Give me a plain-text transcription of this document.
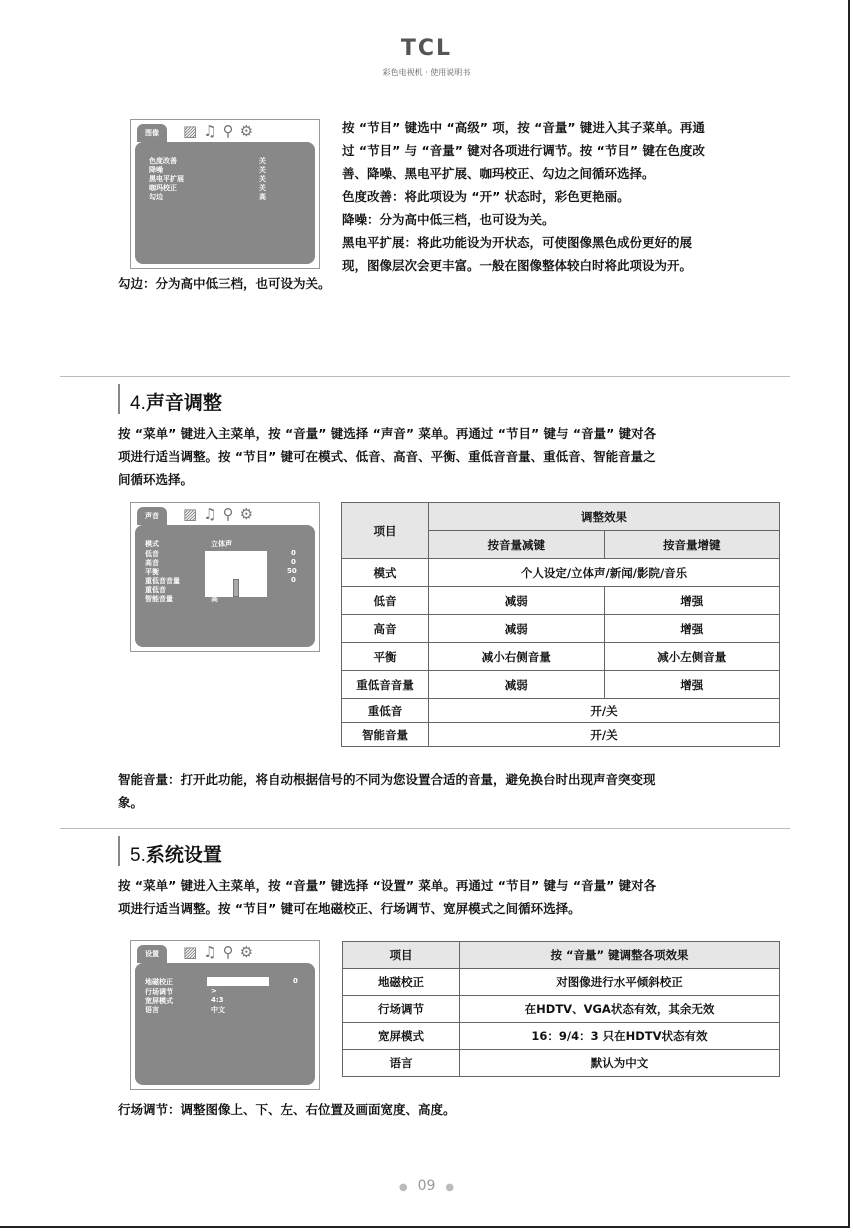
TCL
彩色电视机 · 使用说明书
图像	▨ ♫ ⚲ ⚙
色度改善	关
降噪	关
黑电平扩展	关
咖玛校正	关
勾边	高
按 “节目” 键选中 “高级” 项，按 “音量” 键进入其子菜单。再通
过 “节目” 与 “音量” 键对各项进行调节。按 “节目” 键在色度改
善、降噪、黑电平扩展、咖玛校正、勾边之间循环选择。
色度改善：将此项设为 “开” 状态时，彩色更艳丽。
降噪：分为高中低三档，也可设为关。
黑电平扩展：将此功能设为开状态，可使图像黑色成份更好的展
现，图像层次会更丰富。一般在图像整体较白时将此项设为开。
勾边：分为高中低三档，也可设为关。
4.声音调整
按 “菜单” 键进入主菜单，按 “音量” 键选择 “声音” 菜单。再通过 “节目” 键与 “音量” 键对各
项进行适当调整。按 “节目” 键可在模式、低音、高音、平衡、重低音音量、重低音、智能音量之
间循环选择。
声音	▨ ♫ ⚲ ⚙
模式	立体声
低音	0
高音	0
平衡	50
重低音音量	0
重低音	关
智能音量	高
项目	调整效果	
	按音量减键	按音量增键
模式	个人设定/立体声/新闻/影院/音乐	
低音	减弱	增强
高音	减弱	增强
平衡	减小右侧音量	减小左侧音量
重低音音量	减弱	增强
重低音	开/关	
智能音量	开/关	
智能音量：打开此功能，将自动根据信号的不同为您设置合适的音量，避免换台时出现声音突变现
象。
5.系统设置
按 “菜单” 键进入主菜单，按 “音量” 键选择 “设置” 菜单。再通过 “节目” 键与 “音量” 键对各
项进行适当调整。按 “节目” 键可在地磁校正、行场调节、宽屏模式之间循环选择。
设置	▨ ♫ ⚲ ⚙
地磁校正	0
行场调节	>
宽屏模式	4:3
语言	中文
项目	按 “音量” 键调整各项效果
地磁校正	对图像进行水平倾斜校正
行场调节	在HDTV、VGA状态有效，其余无效
宽屏模式	16：9/4：3 只在HDTV状态有效
语言	默认为中文
行场调节：调整图像上、下、左、右位置及画面宽度、高度。
● 09 ●
